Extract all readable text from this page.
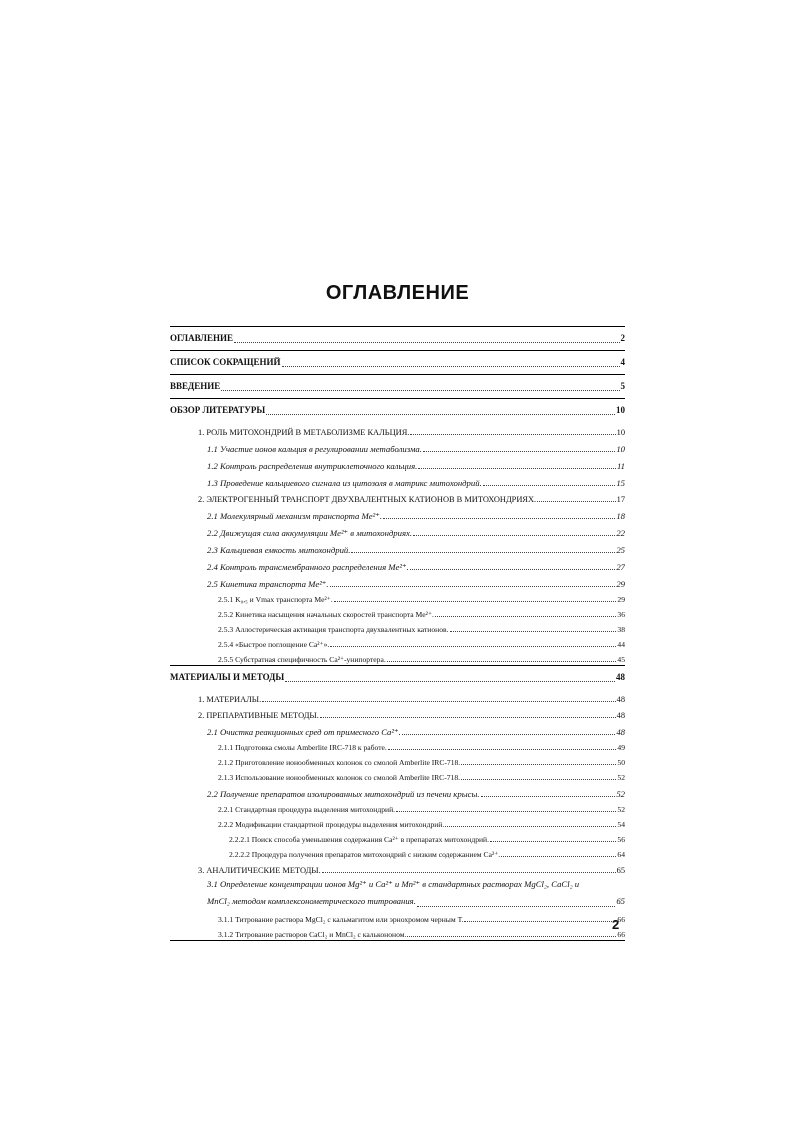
ОГЛАВЛЕНИЕ
ОГЛАВЛЕНИЕ	2
СПИСОК СОКРАЩЕНИЙ	4
ВВЕДЕНИЕ	5
ОБЗОР ЛИТЕРАТУРЫ	10
1. РОЛЬ МИТОХОНДРИЙ В МЕТАБОЛИЗМЕ КАЛЬЦИЯ.	10
1.1 Участие ионов кальция в регулировании метаболизма.	10
1.2 Контроль распределения внутриклеточного кальция.	11
1.3 Проведение кальциевого сигнала из цитозоля в матрикс митохондрий.	15
2. ЭЛЕКТРОГЕННЫЙ ТРАНСПОРТ ДВУХВАЛЕНТНЫХ КАТИОНОВ В МИТОХОНДРИЯХ.	17
2.1 Молекулярный механизм транспорта Me²⁺.	18
2.2 Движущая сила аккумуляции Me²⁺ в митохондриях.	22
2.3 Кальциевая емкость митохондрий.	25
2.4 Контроль трансмембранного распределения Me²⁺.	27
2.5 Кинетика транспорта Me²⁺.	29
2.5.1 K₀,₅ и Vmax транспорта Me²⁺.	29
2.5.2 Кинетика насыщения начальных скоростей транспорта Me²⁺.	36
2.5.3 Аллостерическая активация транспорта двухвалентных катионов.	38
2.5.4 «Быстрое поглощение Ca²⁺».	44
2.5.5 Субстратная специфичность Ca²⁺-унипортера.	45
МАТЕРИАЛЫ И МЕТОДЫ	48
1. МАТЕРИАЛЫ.	48
2. ПРЕПАРАТИВНЫЕ МЕТОДЫ.	48
2.1 Очистка реакционных сред от примесного Ca²⁺.	48
2.1.1 Подготовка смолы Amberlite IRC-718 к работе.	49
2.1.2 Приготовление ионообменных колонок со смолой Amberlite IRC-718.	50
2.1.3 Использование ионообменных колонок со смолой Amberlite IRC-718.	52
2.2 Получение препаратов изолированных митохондрий из печени крысы.	52
2.2.1 Стандартная процедура выделения митохондрий.	52
2.2.2 Модификации стандартной процедуры выделения митохондрий.	54
2.2.2.1 Поиск способа уменьшения содержания Ca²⁺ в препаратах митохондрий.	56
2.2.2.2 Процедура получения препаратов митохондрий с низким содержанием Ca²⁺.	64
3. АНАЛИТИЧЕСКИЕ МЕТОДЫ.	65
3.1 Определение концентрации ионов Mg²⁺ и Ca²⁺ и Mn²⁺ в стандартных растворах MgCl₂, CaCl₂ и
MnCl₂ методом комплексонометрического титрования.	65
3.1.1 Титрование раствора MgCl₂ с кальмагитом или эрнохромом черным Т.	66
3.1.2 Титрование растворов CaCl₂ и MnCl₂ с калькононом.	66
2
